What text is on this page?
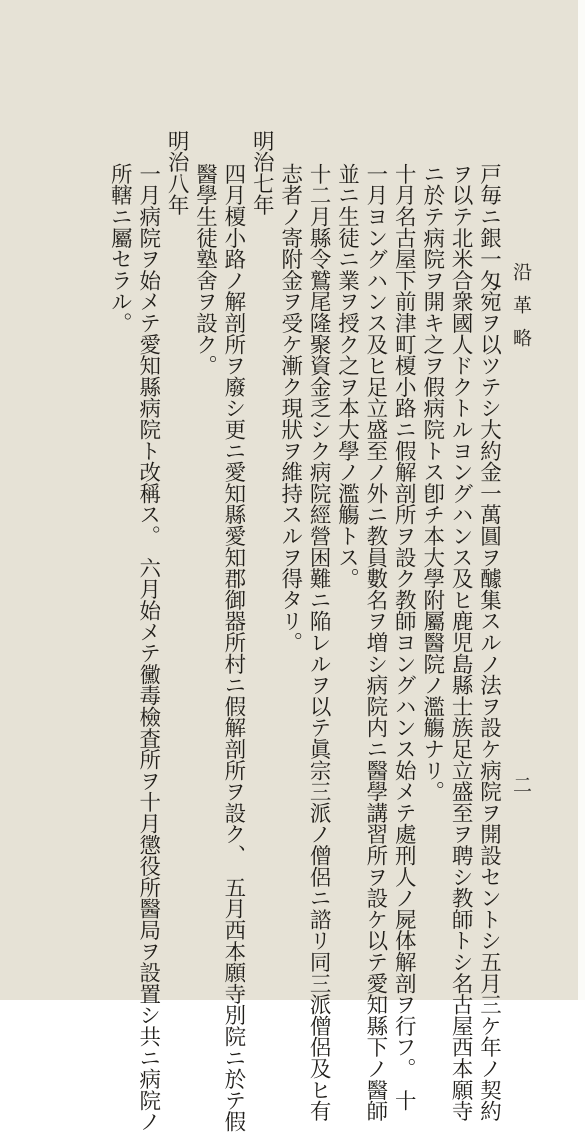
沿革略
二
戸毎ニ銀一匁宛ヲ以ツテシ大約金一萬圓ヲ醵集スルノ法ヲ設ケ病院ヲ開設セントシ五月三ケ年ノ契約
ヲ以テ北米合衆國人ドクトルヨングハンス及ヒ鹿児島縣士族足立盛至ヲ聘シ教師トシ名古屋西本願寺
ニ於テ病院ヲ開キ之ヲ假病院トス卽チ本大學附屬醫院ノ濫觴ナリ。
十月名古屋下前津町榎小路ニ假解剖所ヲ設ク教師ヨングハンス始メテ處刑人ノ屍体解剖ヲ行フ。　十
一月ヨングハンス及ヒ足立盛至ノ外ニ教員數名ヲ増シ病院内ニ醫學講習所ヲ設ケ以テ愛知縣下ノ醫師
並ニ生徒ニ業ヲ授ク之ヲ本大學ノ濫觴トス。
十二月縣令鷲尾隆聚資金乏シク病院經營困難ニ陥レルヲ以テ眞宗三派ノ僧侶ニ諮リ同三派僧侶及ヒ有
志者ノ寄附金ヲ受ケ漸ク現狀ヲ維持スルヲ得タリ。
明治七年
四月榎小路ノ解剖所ヲ廢シ更ニ愛知縣愛知郡御器所村ニ假解剖所ヲ設ク、　五月西本願寺別院ニ於テ假
醫學生徒塾舍ヲ設ク。
明治八年
一月病院ヲ始メテ愛知縣病院ト改稱ス。　六月始メテ黴毒檢査所ヲ十月懲役所醫局ヲ設置シ共ニ病院ノ
所轄ニ屬セラル。
